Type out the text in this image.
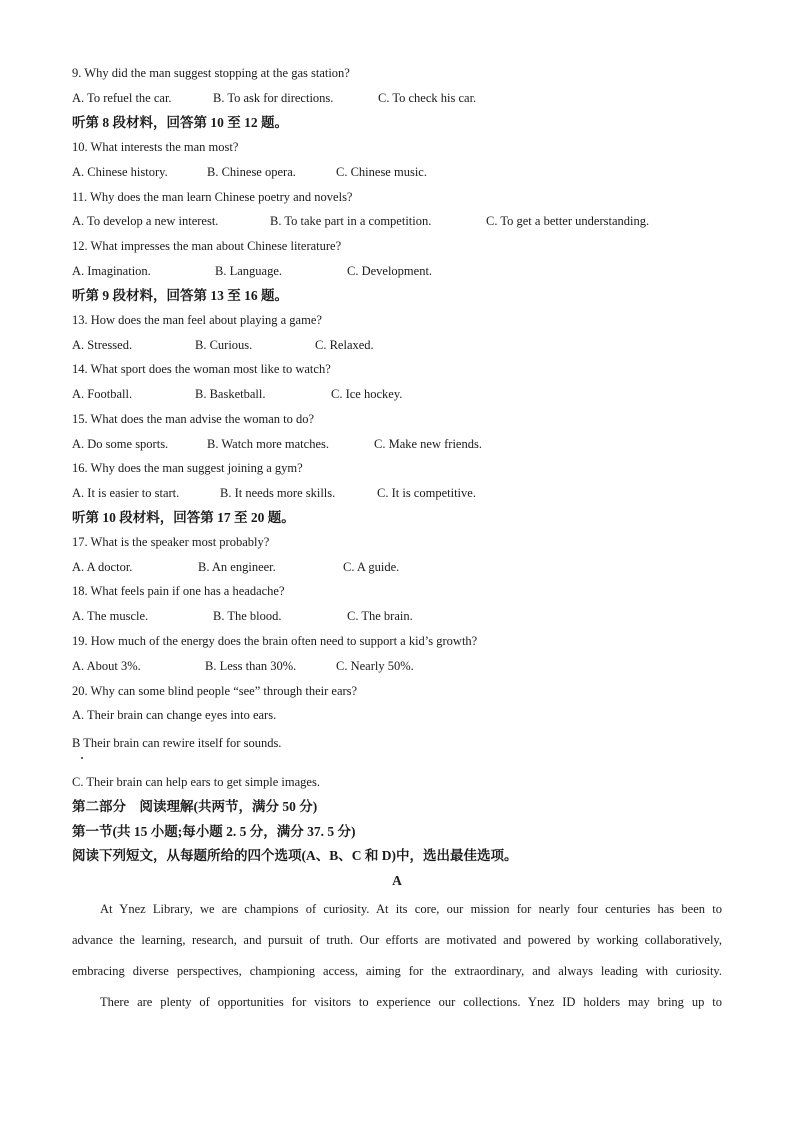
9. Why did the man suggest stopping at the gas station?
A. To refuel the car.	B. To ask for directions.	C. To check his car.
听第 8 段材料，回答第 10 至 12 题。
10. What interests the man most?
A. Chinese history.	B. Chinese opera.	C. Chinese music.
11. Why does the man learn Chinese poetry and novels?
A. To develop a new interest.	B. To take part in a competition.	C. To get a better understanding.
12. What impresses the man about Chinese literature?
A. Imagination.	B. Language.	C. Development.
听第 9 段材料，回答第 13 至 16 题。
13. How does the man feel about playing a game?
A. Stressed.	B. Curious.	C. Relaxed.
14. What sport does the woman most like to watch?
A. Football.	B. Basketball.	C. Ice hockey.
15. What does the man advise the woman to do?
A. Do some sports.	B. Watch more matches.	C. Make new friends.
16. Why does the man suggest joining a gym?
A. It is easier to start.	B. It needs more skills.	C. It is competitive.
听第 10 段材料，回答第 17 至 20 题。
17. What is the speaker most probably?
A. A doctor.	B. An engineer.	C. A guide.
18. What feels pain if one has a headache?
A. The muscle.	B. The blood.	C. The brain.
19. How much of the energy does the brain often need to support a kid’s growth?
A. About 3%.	B. Less than 30%.	C. Nearly 50%.
20. Why can some blind people “see” through their ears?
A. Their brain can change eyes into ears.
B Their brain can rewire itself for sounds.
C. Their brain can help ears to get simple images.
第二部分　阅读理解(共两节，满分 50 分)
第一节(共 15 小题;每小题 2. 5 分，满分 37. 5 分)
阅读下列短文，从每题所给的四个选项(A、B、C 和 D)中，选出最佳选项。
A
At Ynez Library, we are champions of curiosity. At its core, our mission for nearly four centuries has been to
advance the learning, research, and pursuit of truth. Our efforts are motivated and powered by working collaboratively,
embracing diverse perspectives, championing access, aiming for the extraordinary, and always leading with curiosity.
There are plenty of opportunities for visitors to experience our collections. Ynez ID holders may bring up to
